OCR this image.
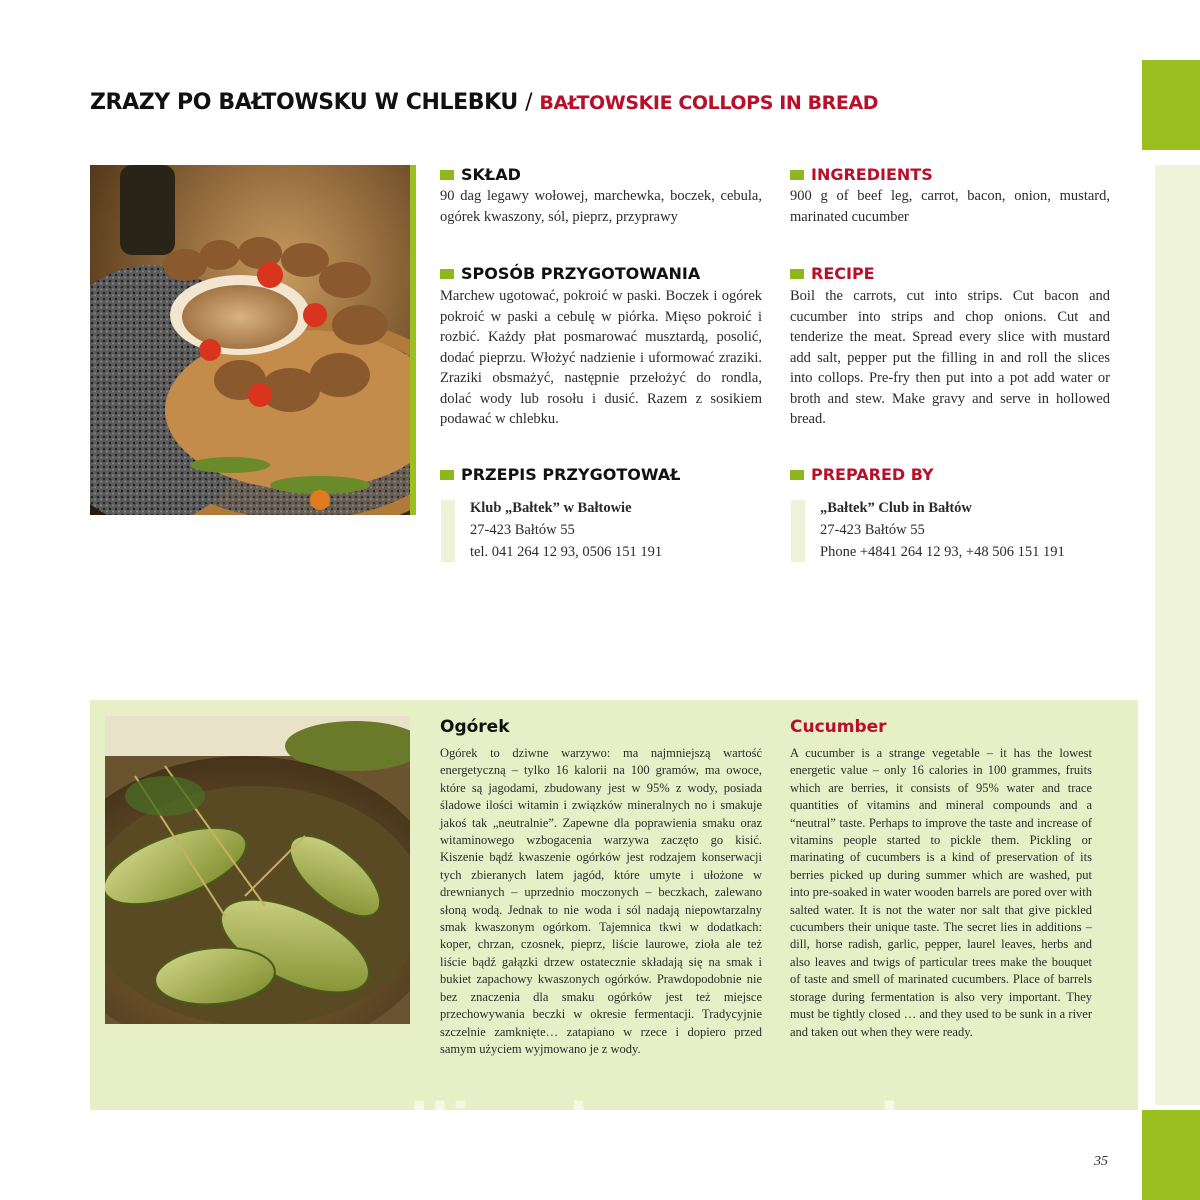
ZRAZY PO BAŁTOWSKU W CHLEBKU / BAŁTOWSKIE COLLOPS IN BREAD
SKŁAD
90 dag legawy wołowej, marchewka, boczek, cebula, ogórek kwaszony, sól, pieprz, przyprawy
INGREDIENTS
900 g of beef leg, carrot, bacon, onion, mustard, marinated cucumber
SPOSÓB PRZYGOTOWANIA
Marchew ugotować, pokroić w paski. Boczek i ogórek pokroić w paski a cebulę w piórka. Mięso pokroić i rozbić. Każdy płat posmarować musztardą, posolić, dodać pieprzu. Włożyć nadzienie i uformować zraziki. Zraziki obsmażyć, następnie przełożyć do rondla, dolać wody lub rosołu i dusić. Razem z sosikiem podawać w chlebku.
RECIPE
Boil the carrots, cut into strips. Cut bacon and cucumber into strips and chop onions. Cut and tenderize the meat. Spread every slice with mustard add salt, pepper put the filling in and roll the slices into collops. Pre-fry then put into a pot add water or broth and stew. Make gravy and serve in hollowed bread.
PRZEPIS PRZYGOTOWAŁ
Klub „Bałtek” w Bałtowie
27-423 Bałtów 55
tel. 041 264 12 93, 0506 151 191
PREPARED BY
„Bałtek” Club in Bałtów
27-423 Bałtów 55
Phone +4841 264 12 93, +48 506 151 191
Ogórek
Ogórek to dziwne warzywo: ma najmniejszą wartość energetyczną – tylko 16 kalorii na 100 gramów, ma owoce, które są jagodami, zbudowany jest w 95% z wody, posiada śladowe ilości witamin i związków mineralnych no i smakuje jakoś tak „neutralnie”. Zapewne dla poprawienia smaku oraz witaminowego wzbogacenia warzywa zaczęto go kisić. Kiszenie bądź kwaszenie ogórków jest rodzajem konserwacji tych zbieranych latem jagód, które umyte i ułożone w drewnianych – uprzednio moczonych – beczkach, zalewano słoną wodą. Jednak to nie woda i sól nadają niepowtarzalny smak kwaszonym ogórkom. Tajemnica tkwi w dodatkach: koper, chrzan, czosnek, pieprz, liście laurowe, zioła ale też liście bądź gałązki drzew ostatecznie składają się na smak i bukiet zapachowy kwaszonych ogórków. Prawdopodobnie nie bez znaczenia dla smaku ogórków jest też miejsce przechowywania beczki w okresie fermentacji. Tradycyjnie szczelnie zamknięte… zatapiano w rzece i dopiero przed samym użyciem wyjmowano je z wody.
Cucumber
A cucumber is a strange vegetable – it has the lowest energetic value – only 16 calories in 100 grammes, fruits which are berries, it consists of 95% water and trace quantities of vitamins and mineral compounds and a “neutral” taste. Perhaps to improve the taste and increase of vitamins people started to pickle them. Pickling or marinating of cucumbers is a kind of preservation of its berries picked up during summer which are washed, put into pre-soaked in water wooden barrels are pored over with salted water. It is not the water nor salt that give pickled cucumbers their unique taste. The secret lies in additions – dill, horse radish, garlic, pepper, laurel leaves, herbs and also leaves and twigs of particular trees make the bouquet of taste and smell of marinated cucumbers. Place of barrels storage during fermentation is also very important. They must be tightly closed … and they used to be sunk in a river and taken out when they were ready.
wedlinydomowe.pl
35
